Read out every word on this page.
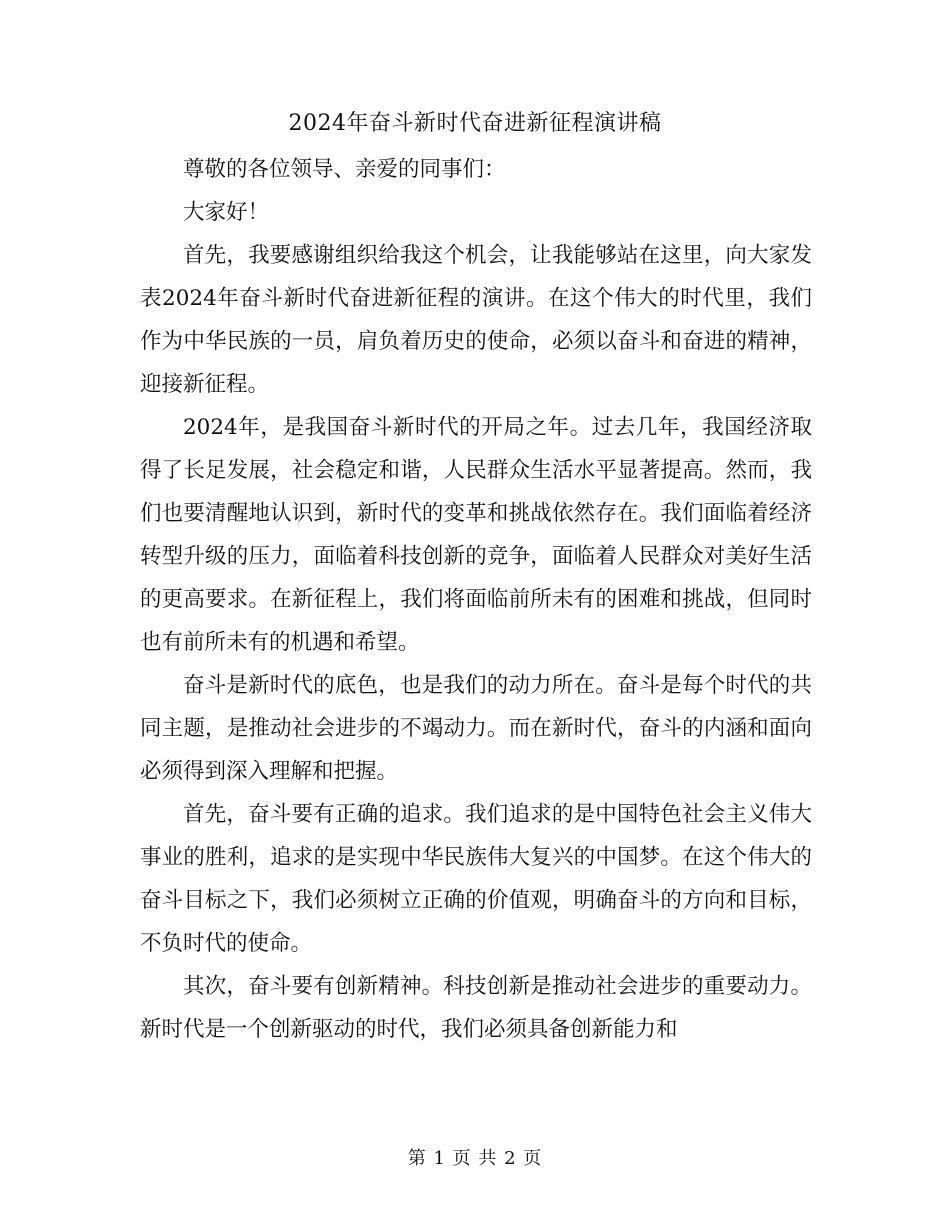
2024年奋斗新时代奋进新征程演讲稿

尊敬的各位领导、亲爱的同事们：

大家好！

首先，我要感谢组织给我这个机会，让我能够站在这里，向大家发表2024年奋斗新时代奋进新征程的演讲。在这个伟大的时代里，我们作为中华民族的一员，肩负着历史的使命，必须以奋斗和奋进的精神，迎接新征程。

2024年，是我国奋斗新时代的开局之年。过去几年，我国经济取得了长足发展，社会稳定和谐，人民群众生活水平显著提高。然而，我们也要清醒地认识到，新时代的变革和挑战依然存在。我们面临着经济转型升级的压力，面临着科技创新的竞争，面临着人民群众对美好生活的更高要求。在新征程上，我们将面临前所未有的困难和挑战，但同时也有前所未有的机遇和希望。

奋斗是新时代的底色，也是我们的动力所在。奋斗是每个时代的共同主题，是推动社会进步的不竭动力。而在新时代，奋斗的内涵和面向必须得到深入理解和把握。

首先，奋斗要有正确的追求。我们追求的是中国特色社会主义伟大事业的胜利，追求的是实现中华民族伟大复兴的中国梦。在这个伟大的奋斗目标之下，我们必须树立正确的价值观，明确奋斗的方向和目标，不负时代的使命。

其次，奋斗要有创新精神。科技创新是推动社会进步的重要动力。新时代是一个创新驱动的时代，我们必须具备创新能力和

第 1 页 共 2 页
